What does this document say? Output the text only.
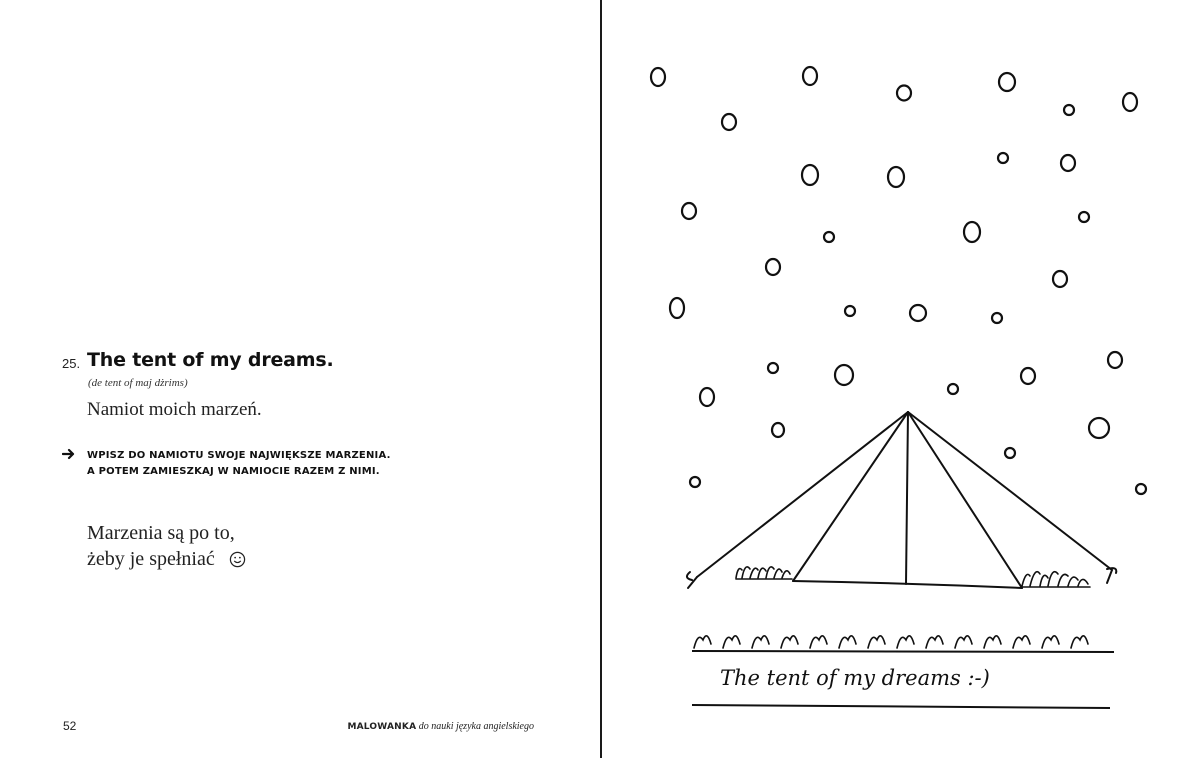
25. The tent of my dreams.
(de tent of maj dżrims)
Namiot moich marzeń.
WPISZ DO NAMIOTU SWOJE NAJWIĘKSZE MARZENIA.
A POTEM ZAMIESZKAJ W NAMIOCIE RAZEM Z NIMI.
Marzenia są po to,
żeby je spełniać
52	MALOWANKA do nauki języka angielskiego
The tent of my dreams :-)
